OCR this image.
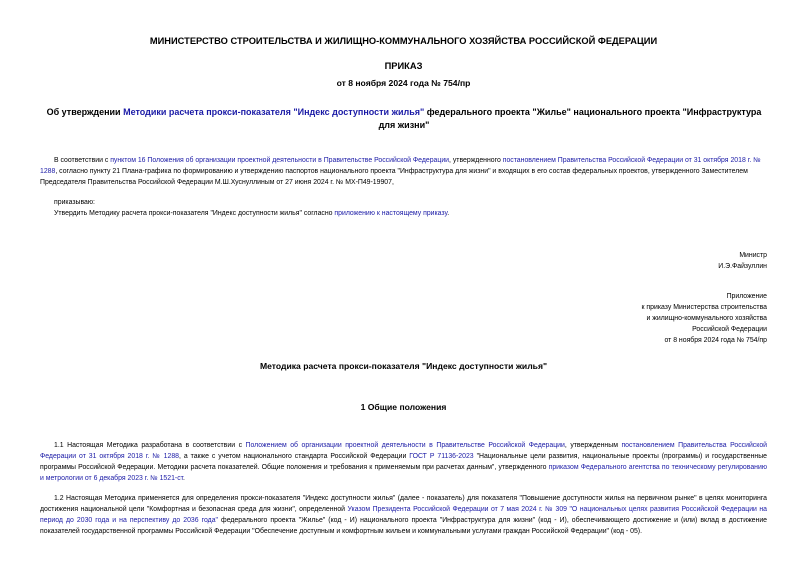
МИНИСТЕРСТВО СТРОИТЕЛЬСТВА И ЖИЛИЩНО-КОММУНАЛЬНОГО ХОЗЯЙСТВА РОССИЙСКОЙ ФЕДЕРАЦИИ
ПРИКАЗ
от 8 ноября 2024 года № 754/пр
Об утверждении Методики расчета прокси-показателя "Индекс доступности жилья" федерального проекта "Жилье" национального проекта "Инфраструктура для жизни"
В соответствии с пунктом 16 Положения об организации проектной деятельности в Правительстве Российской Федерации, утвержденного постановлением Правительства Российской Федерации от 31 октября 2018 г. № 1288, согласно пункту 21 Плана-графика по формированию и утверждению паспортов национального проекта "Инфраструктура для жизни" и входящих в его состав федеральных проектов, утвержденного Заместителем Председателя Правительства Российской Федерации М.Ш.Хуснуллиным от 27 июня 2024 г. № МХ-П49-19907,
приказываю:
Утвердить Методику расчета прокси-показателя "Индекс доступности жилья" согласно приложению к настоящему приказу.
Министр
И.Э.Файзуллин
Приложение
к приказу Министерства строительства
и жилищно-коммунального хозяйства
Российской Федерации
от 8 ноября 2024 года № 754/пр
Методика расчета прокси-показателя "Индекс доступности жилья"
1 Общие положения
1.1 Настоящая Методика разработана в соответствии с Положением об организации проектной деятельности в Правительстве Российской Федерации, утвержденным постановлением Правительства Российской Федерации от 31 октября 2018 г. № 1288, а также с учетом национального стандарта Российской Федерации ГОСТ Р 71136-2023 "Национальные цели развития, национальные проекты (программы) и государственные программы Российской Федерации. Методики расчета показателей. Общие положения и требования к применяемым при расчетах данным", утвержденного приказом Федерального агентства по техническому регулированию и метрологии от 6 декабря 2023 г. № 1521-ст.
1.2 Настоящая Методика применяется для определения прокси-показателя "Индекс доступности жилья" (далее - показатель) для показателя "Повышение доступности жилья на первичном рынке" в целях мониторинга достижения национальной цели "Комфортная и безопасная среда для жизни", определенной Указом Президента Российской Федерации от 7 мая 2024 г. № 309 "О национальных целях развития Российской Федерации на период до 2030 года и на перспективу до 2036 года" федерального проекта "Жилье" (код - И) национального проекта "Инфраструктура для жизни" (код - И), обеспечивающего достижение и (или) вклад в достижение показателей государственной программы Российской Федерации "Обеспечение доступным и комфортным жильем и коммунальными услугами граждан Российской Федерации" (код - 05).
